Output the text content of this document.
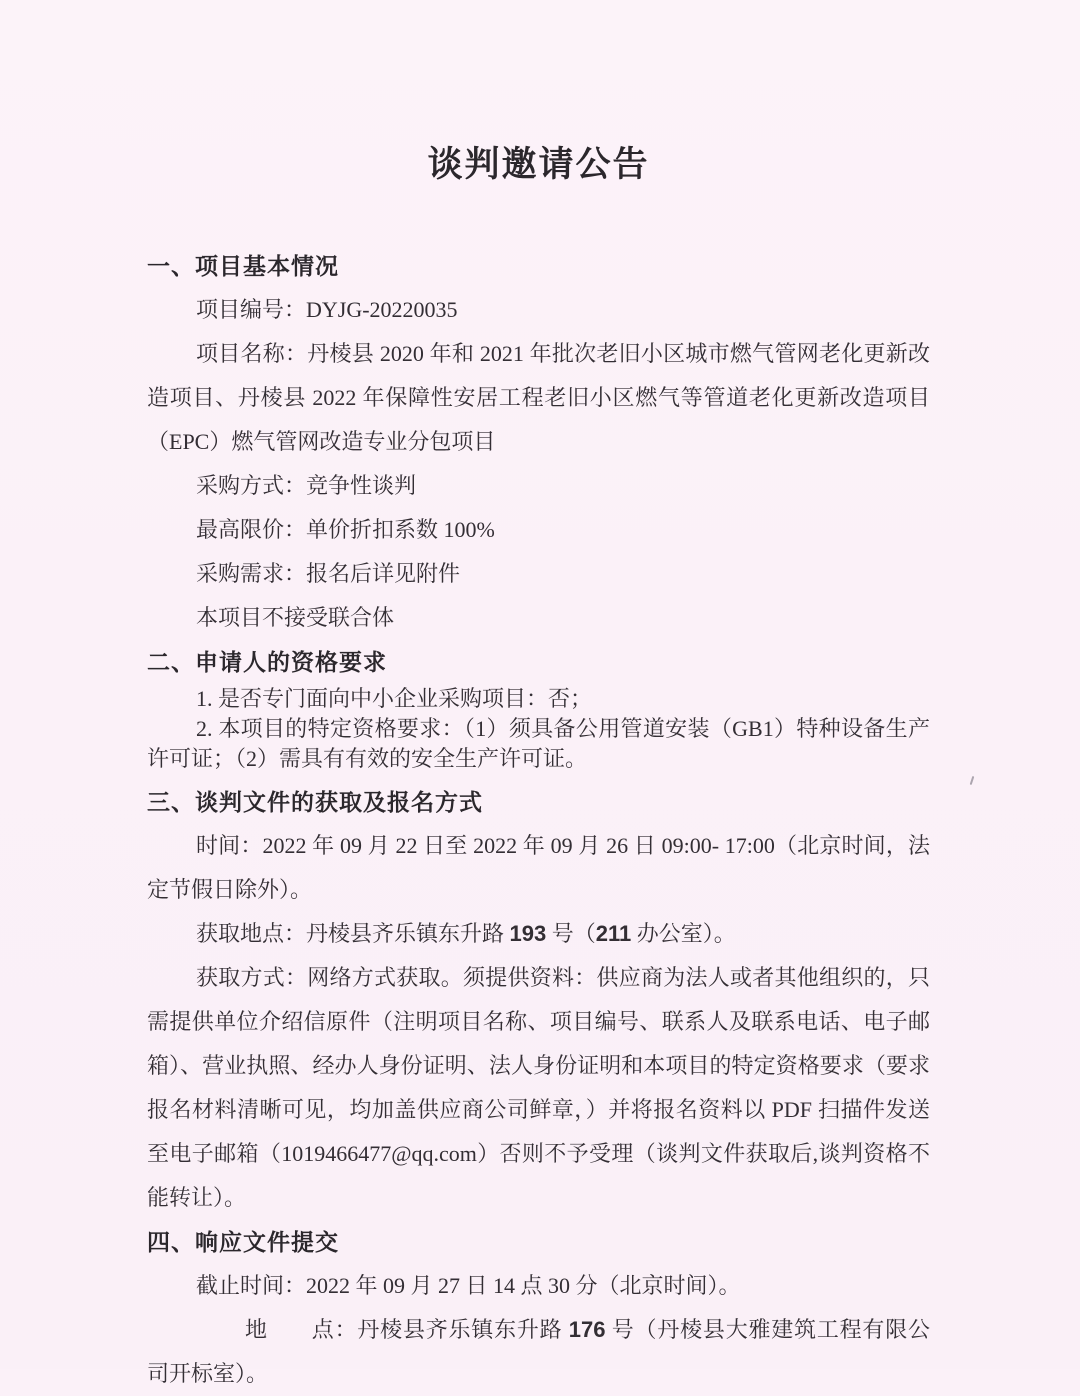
谈判邀请公告
一、项目基本情况

项目编号：DYJG-20220035

项目名称：丹棱县 2020 年和 2021 年批次老旧小区城市燃气管网老化更新改造项目、丹棱县 2022 年保障性安居工程老旧小区燃气等管道老化更新改造项目（EPC）燃气管网改造专业分包项目

采购方式：竞争性谈判

最高限价：单价折扣系数 100%

采购需求：报名后详见附件

本项目不接受联合体

二、申请人的资格要求

1. 是否专门面向中小企业采购项目：否；

2. 本项目的特定资格要求：（1）须具备公用管道安装（GB1）特种设备生产许可证；（2）需具有有效的安全生产许可证。

三、谈判文件的获取及报名方式

时间：2022 年 09 月 22 日至 2022 年 09 月 26 日 09:00- 17:00（北京时间，法定节假日除外）。

获取地点：丹棱县齐乐镇东升路 193 号（211 办公室）。

获取方式：网络方式获取。须提供资料：供应商为法人或者其他组织的，只需提供单位介绍信原件（注明项目名称、项目编号、联系人及联系电话、电子邮箱）、营业执照、经办人身份证明、法人身份证明和本项目的特定资格要求（要求报名材料清晰可见，均加盖供应商公司鲜章，）并将报名资料以 PDF 扫描件发送至电子邮箱（1019466477@qq.com）否则不予受理（谈判文件获取后,谈判资格不能转让）。

四、响应文件提交

截止时间：2022 年 09 月 27 日 14 点 30 分（北京时间）。

地 点：丹棱县齐乐镇东升路 176 号（丹棱县大雅建筑工程有限公司开标室）。
